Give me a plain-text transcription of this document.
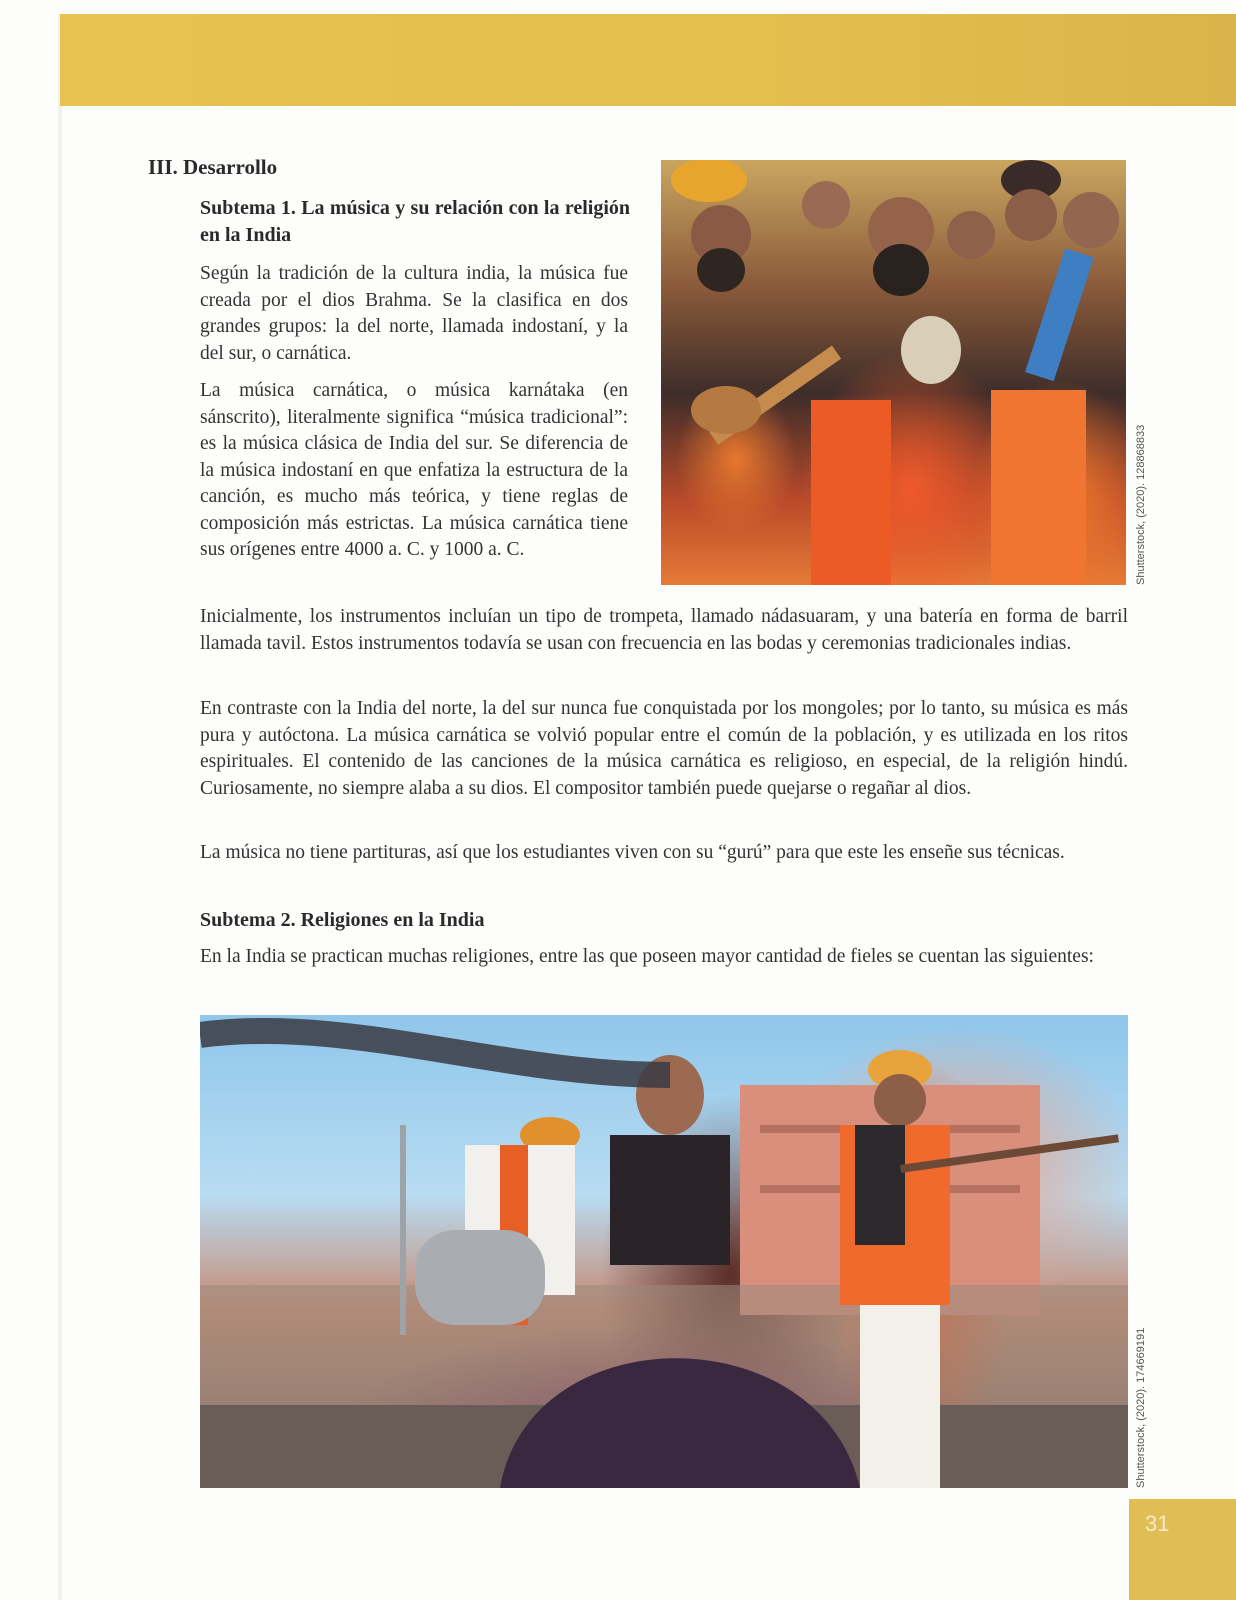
III. Desarrollo
Subtema 1. La música y su relación con la religión en la India

Según la tradición de la cultura india, la música fue creada por el dios Brahma. Se la clasifica en dos grandes grupos: la del norte, llamada indostaní, y la del sur, o carnática.

La música carnática, o música karnátaka (en sánscrito), literalmente significa “música tradicional”: es la música clásica de India del sur. Se diferencia de la música indostaní en que enfatiza la estructura de la canción, es mucho más teórica, y tiene reglas de composición más estrictas. La música carnática tiene sus orígenes entre 4000 a. C. y 1000 a. C.	Shutterstock, (2020). 128868833

Inicialmente, los instrumentos incluían un tipo de trompeta, llamado nádasuaram, y una batería en forma de barril llamada tavil. Estos instrumentos todavía se usan con frecuencia en las bodas y ceremonias tradicionales indias.

En contraste con la India del norte, la del sur nunca fue conquistada por los mongoles; por lo tanto, su música es más pura y autóctona. La música carnática se volvió popular entre el común de la población, y es utilizada en los ritos espirituales. El contenido de las canciones de la música carnática es religioso, en especial, de la religión hindú. Curiosamente, no siempre alaba a su dios. El compositor también puede quejarse o regañar al dios.

La música no tiene partituras, así que los estudiantes viven con su “gurú” para que este les enseñe sus técnicas.

Subtema 2. Religiones en la India

En la India se practican muchas religiones, entre las que poseen mayor cantidad de fieles se cuentan las siguientes:

Shutterstock, (2020). 174669191

31
